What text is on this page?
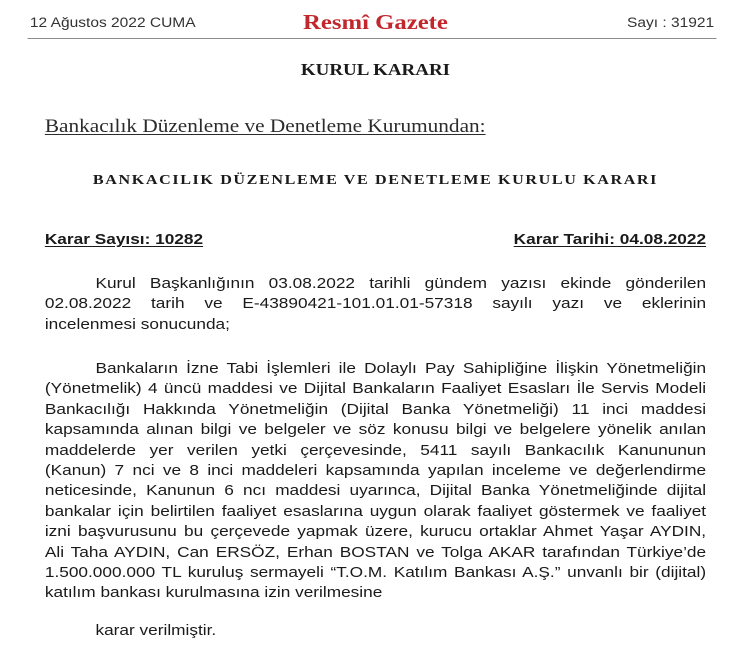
12 Ağustos 2022 CUMA	Resmî Gazete	Sayı : 31921
KURUL KARARI
Bankacılık Düzenleme ve Denetleme Kurumundan:
BANKACILIK DÜZENLEME VE DENETLEME KURULU KARARI
Karar Sayısı: 10282	Karar Tarihi: 04.08.2022
Kurul Başkanlığının 03.08.2022 tarihli gündem yazısı ekinde gönderilen
02.08.2022 tarih ve E-43890421-101.01.01-57318 sayılı yazı ve eklerinin
incelenmesi sonucunda;
Bankaların İzne Tabi İşlemleri ile Dolaylı Pay Sahipliğine İlişkin Yönetmeliğin
(Yönetmelik) 4 üncü maddesi ve Dijital Bankaların Faaliyet Esasları İle Servis Modeli
Bankacılığı Hakkında Yönetmeliğin (Dijital Banka Yönetmeliği) 11 inci maddesi
kapsamında alınan bilgi ve belgeler ve söz konusu bilgi ve belgelere yönelik anılan
maddelerde yer verilen yetki çerçevesinde, 5411 sayılı Bankacılık Kanununun
(Kanun) 7 nci ve 8 inci maddeleri kapsamında yapılan inceleme ve değerlendirme
neticesinde, Kanunun 6 ncı maddesi uyarınca, Dijital Banka Yönetmeliğinde dijital
bankalar için belirtilen faaliyet esaslarına uygun olarak faaliyet göstermek ve faaliyet
izni başvurusunu bu çerçevede yapmak üzere, kurucu ortaklar Ahmet Yaşar AYDIN,
Ali Taha AYDIN, Can ERSÖZ, Erhan BOSTAN ve Tolga AKAR tarafından Türkiye’de
1.500.000.000 TL kuruluş sermayeli “T.O.M. Katılım Bankası A.Ş.” unvanlı bir (dijital)
katılım bankası kurulmasına izin verilmesine
karar verilmiştir.
